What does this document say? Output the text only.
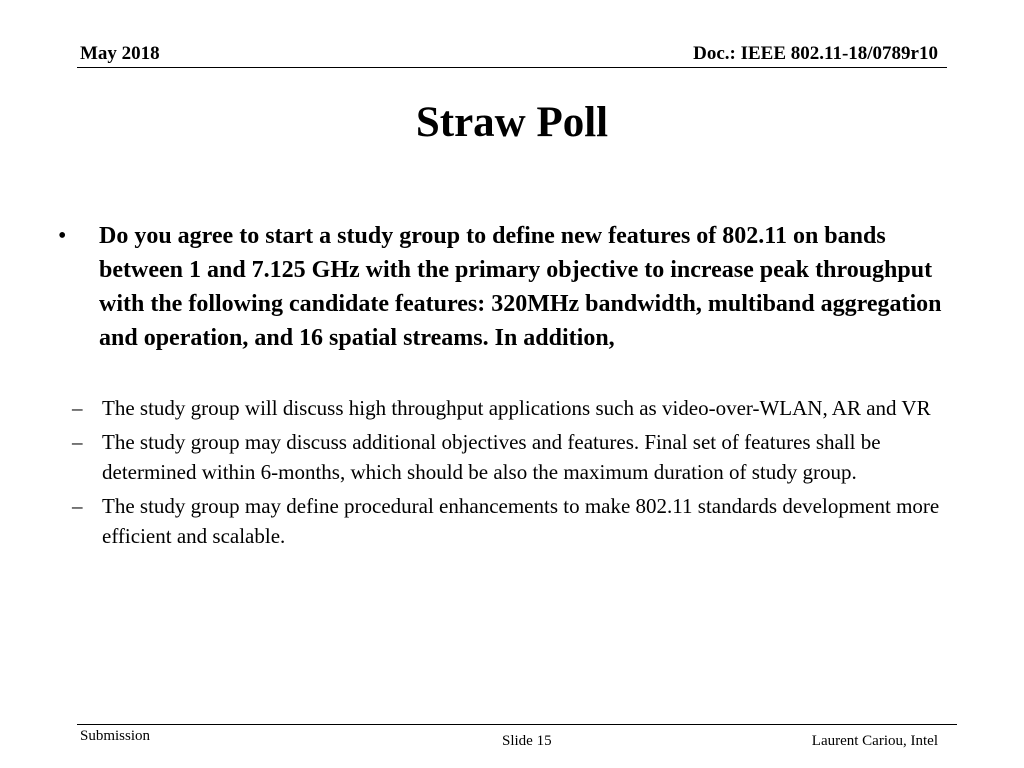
May 2018	Doc.: IEEE 802.11-18/0789r10
Straw Poll
• Do you agree to start a study group to define new features of 802.11 on bands between 1 and 7.125 GHz with the primary objective to increase peak throughput with the following candidate features: 320MHz bandwidth, multiband aggregation and operation, and 16 spatial streams. In addition,
– The study group will discuss high throughput applications such as video-over-WLAN, AR and VR
– The study group may discuss additional objectives and features. Final set of features shall be determined within 6-months, which should be also the maximum duration of study group.
– The study group may define procedural enhancements to make 802.11 standards development more efficient and scalable.
Submission	Slide 15	Laurent Cariou, Intel
